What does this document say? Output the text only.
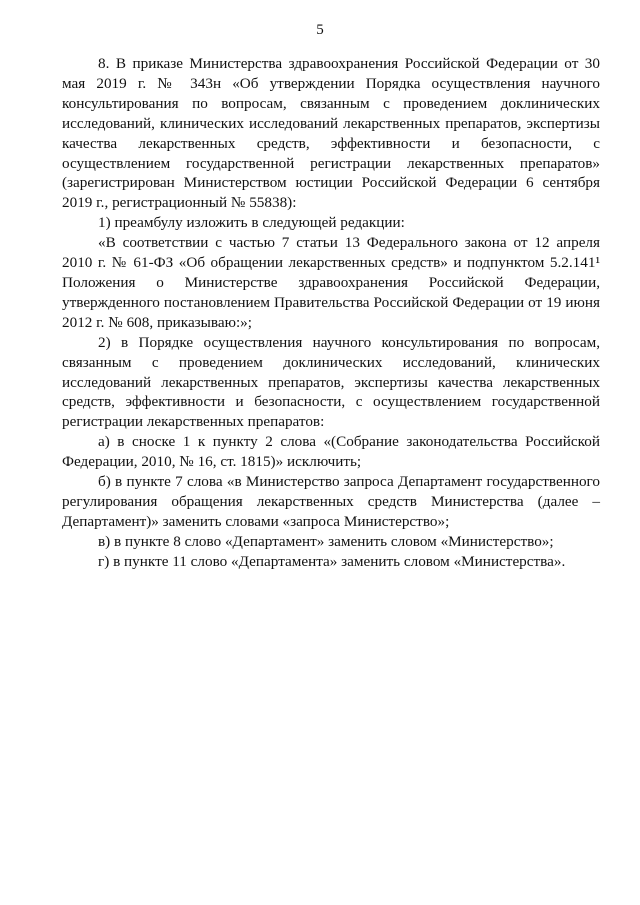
5

8. В приказе Министерства здравоохранения Российской Федерации от 30 мая 2019 г. № 343н «Об утверждении Порядка осуществления научного консультирования по вопросам, связанным с проведением доклинических исследований, клинических исследований лекарственных препаратов, экспертизы качества лекарственных средств, эффективности и безопасности, с осуществлением государственной регистрации лекарственных препаратов» (зарегистрирован Министерством юстиции Российской Федерации 6 сентября 2019 г., регистрационный № 55838):

1) преамбулу изложить в следующей редакции:

«В соответствии с частью 7 статьи 13 Федерального закона от 12 апреля 2010 г. № 61-ФЗ «Об обращении лекарственных средств» и подпунктом 5.2.141¹ Положения о Министерстве здравоохранения Российской Федерации, утвержденного постановлением Правительства Российской Федерации от 19 июня 2012 г. № 608, приказываю:»;

2) в Порядке осуществления научного консультирования по вопросам, связанным с проведением доклинических исследований, клинических исследований лекарственных препаратов, экспертизы качества лекарственных средств, эффективности и безопасности, с осуществлением государственной регистрации лекарственных препаратов:

а) в сноске 1 к пункту 2 слова «(Собрание законодательства Российской Федерации, 2010, № 16, ст. 1815)» исключить;

б) в пункте 7 слова «в Министерство запроса Департамент государственного регулирования обращения лекарственных средств Министерства (далее – Департамент)» заменить словами «запроса Министерство»;

в) в пункте 8 слово «Департамент» заменить словом «Министерство»;

г) в пункте 11 слово «Департамента» заменить словом «Министерства».
